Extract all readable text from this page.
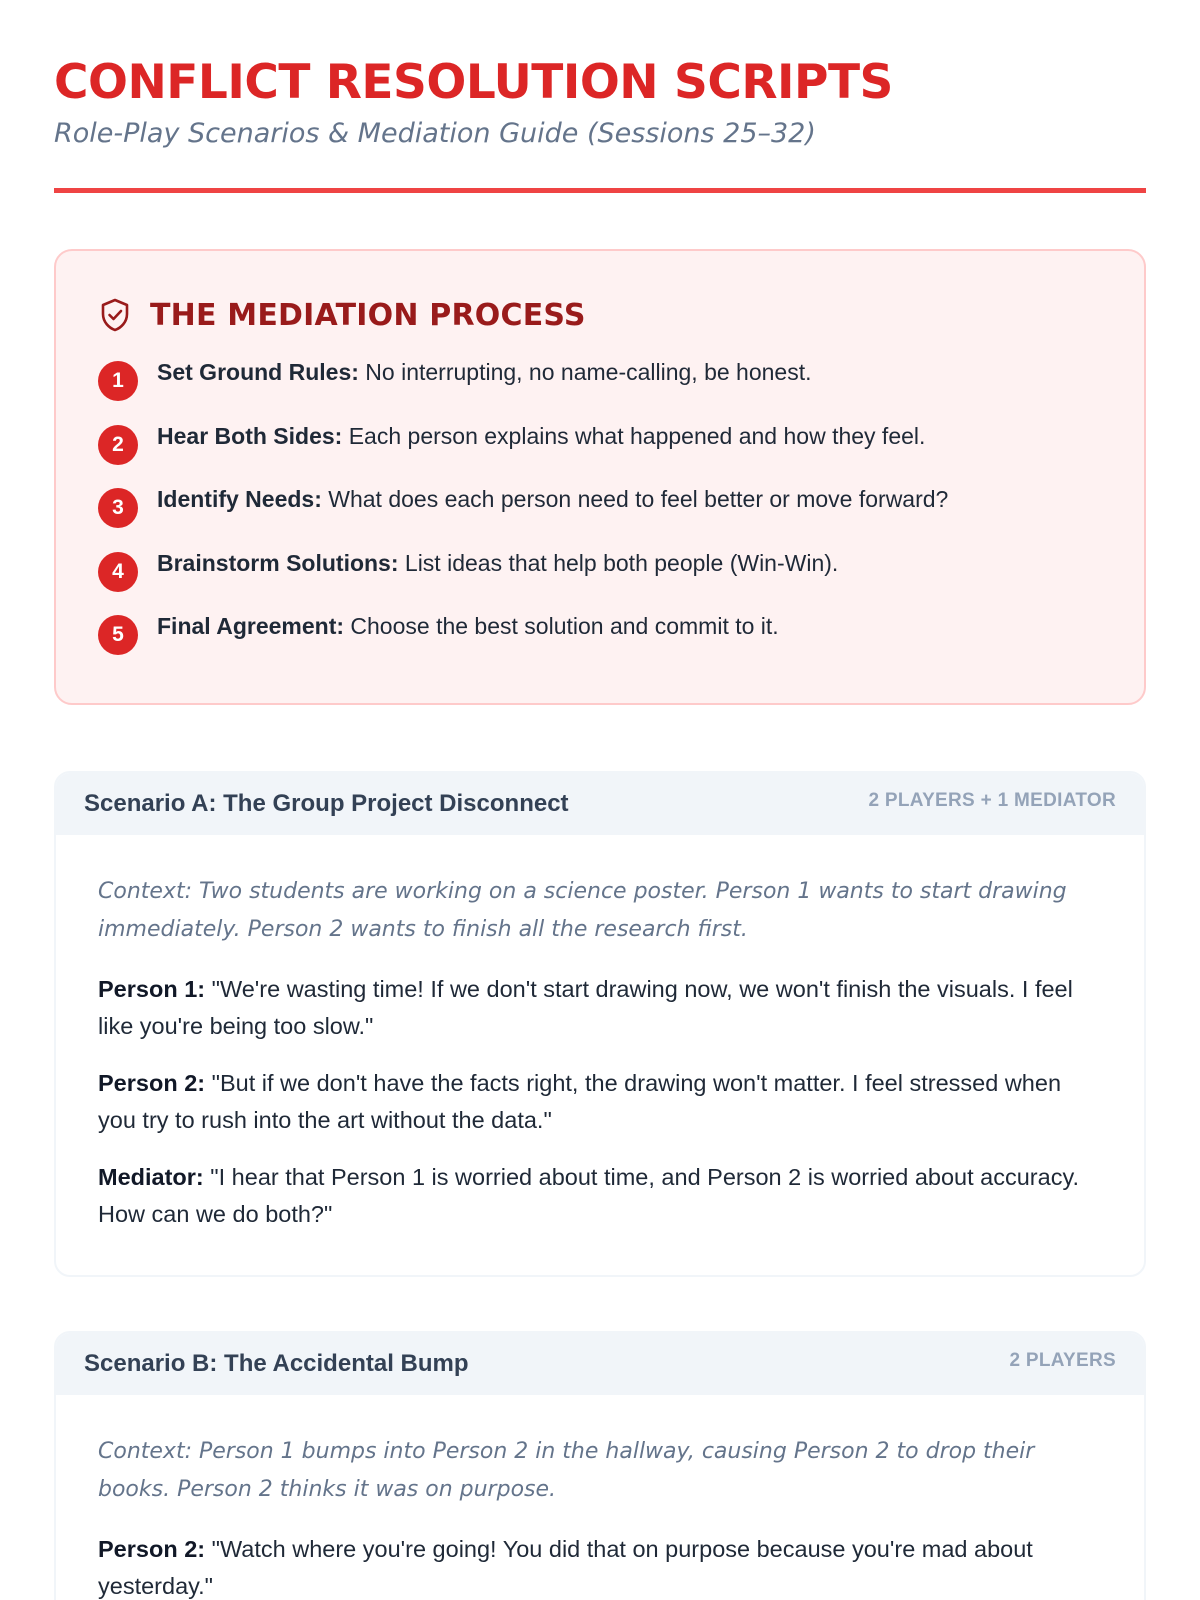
CONFLICT RESOLUTION SCRIPTS
Role-Play Scenarios & Mediation Guide (Sessions 25–32)
THE MEDIATION PROCESS
1	Set Ground Rules: No interrupting, no name-calling, be honest.
2	Hear Both Sides: Each person explains what happened and how they feel.
3	Identify Needs: What does each person need to feel better or move forward?
4	Brainstorm Solutions: List ideas that help both people (Win-Win).
5	Final Agreement: Choose the best solution and commit to it.
Scenario A: The Group Project Disconnect	2 PLAYERS + 1 MEDIATOR

Context: Two students are working on a science poster. Person 1 wants to start drawing immediately. Person 2 wants to finish all the research first.

Person 1: "We're wasting time! If we don't start drawing now, we won't finish the visuals. I feel like you're being too slow."

Person 2: "But if we don't have the facts right, the drawing won't matter. I feel stressed when you try to rush into the art without the data."

Mediator: "I hear that Person 1 is worried about time, and Person 2 is worried about accuracy. How can we do both?"

Scenario B: The Accidental Bump	2 PLAYERS

Context: Person 1 bumps into Person 2 in the hallway, causing Person 2 to drop their books. Person 2 thinks it was on purpose.

Person 2: "Watch where you're going! You did that on purpose because you're mad about yesterday."
